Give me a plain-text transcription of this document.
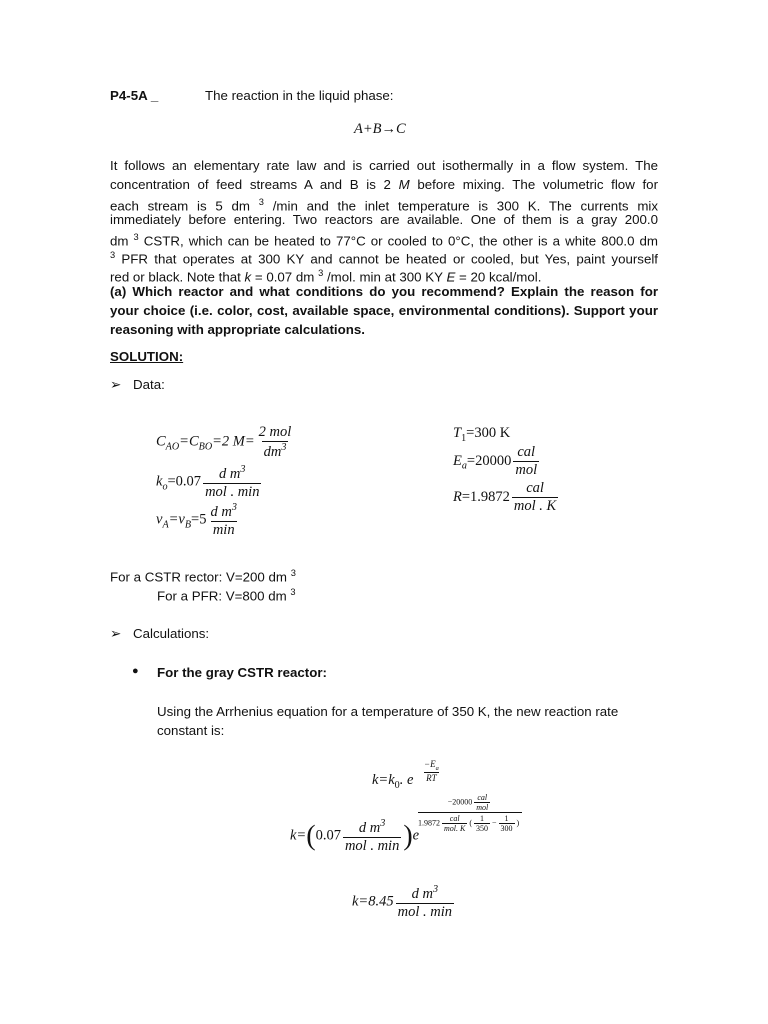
P4-5A _	The reaction in the liquid phase:
A+B→C
It follows an elementary rate law and is carried out isothermally in a flow system. The
concentration of feed streams A and B is 2 M before mixing. The volumetric flow for
each stream is 5 dm $^3$ /min and the inlet temperature is 300 K. The currents mix
immediately before entering. Two reactors are available. One of them is a gray 200.0
dm $^3$ CSTR, which can be heated to 77°C or cooled to 0°C, the other is a white 800.0 dm
$^3$ PFR that operates at 300 KY and cannot be heated or cooled, but Yes, paint yourself
red or black. Note that k = 0.07 dm $^3$ /mol. min at 300 KY E = 20 kcal/mol.
(a) Which reactor and what conditions do you recommend? Explain the reason for
your choice (i.e. color, cost, available space, environmental conditions). Support your
reasoning with appropriate calculations.
SOLUTION:
➢ Data:
$C_{AO}=C_{BO}=2$ $M= \frac{\text{2 mol}}{dm^3}$
$k_o=0.07 \frac{d m^3}{\text{mol . min}}$
$v_A=v_B=5 \frac{d m^3}{\min}$
$T_1=300$ K
$E_a=20000 \frac{\text{cal}}{\text{mol}}$
$R=1.9872 \frac{\text{cal}}{\text{mol . K}}$
For a CSTR rector: V=200 dm $^3$
For a PFR: V=800 dm $^3$
➢ Calculations:
● For the gray CSTR reactor:
Using the Arrhenius equation for a temperature of 350 K, the new reaction rate
constant is:
$k=k_0$. e $\frac{-E_a}{RT}$
$k=(0.07 \frac{d m^3}{\text{mol . min}} )e$
$-20000 \frac{\text{cal}}{\text{mol}}$
$1.9872 \frac{\text{cal}}{\text{mol. K}}$ ( $\frac{1}{350} - \frac{1}{300}$ )
$k=8.45 \frac{d m^3}{\text{mol . min}}$
